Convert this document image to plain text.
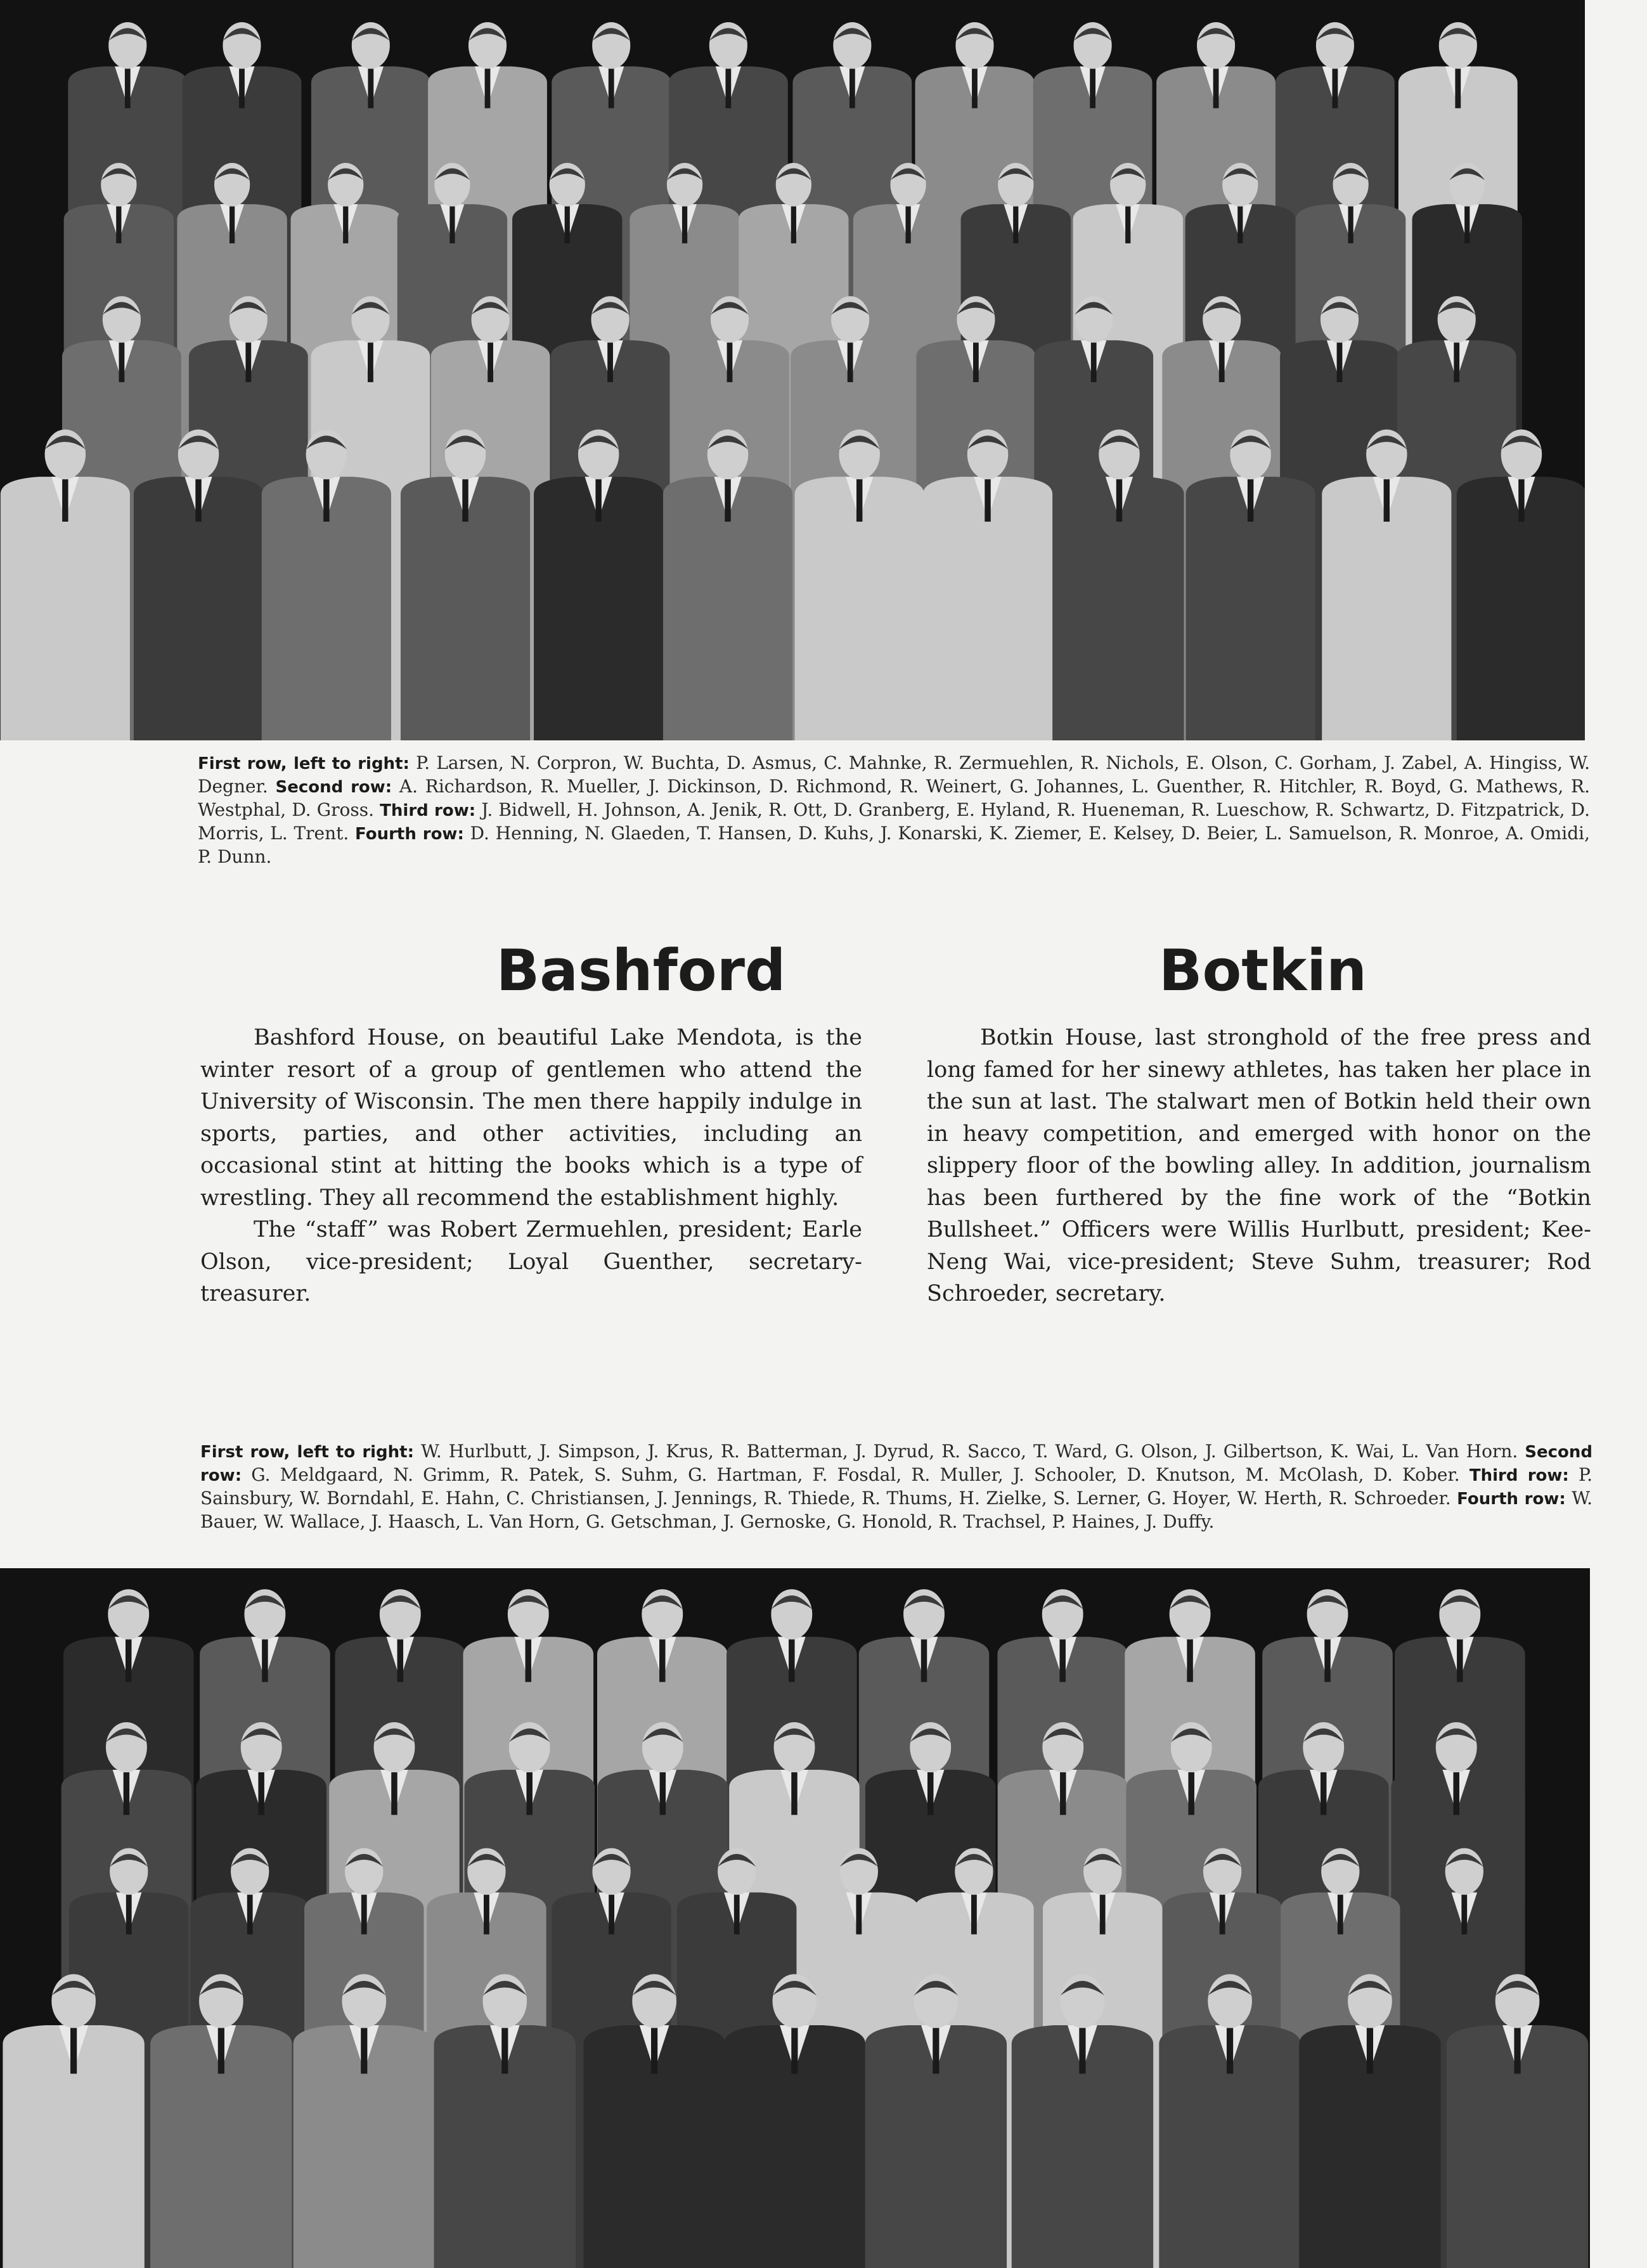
First row, left to right: P. Larsen, N. Corpron, W. Buchta, D. Asmus, C. Mahnke, R. Zermuehlen, R. Nichols, E. Olson, C. Gorham, J. Zabel, A. Hingiss, W. Degner. Second row: A. Richardson, R. Mueller, J. Dickinson, D. Richmond, R. Weinert, G. Johannes, L. Guenther, R. Hitchler, R. Boyd, G. Mathews, R. Westphal, D. Gross. Third row: J. Bidwell, H. Johnson, A. Jenik, R. Ott, D. Granberg, E. Hyland, R. Hueneman, R. Lueschow, R. Schwartz, D. Fitzpatrick, D. Morris, L. Trent. Fourth row: D. Henning, N. Glaeden, T. Hansen, D. Kuhs, J. Konarski, K. Ziemer, E. Kelsey, D. Beier, L. Samuelson, R. Monroe, A. Omidi, P. Dunn.

Bashford	Botkin

Bashford House, on beautiful Lake Mendota, is the winter resort of a group of gentlemen who attend the University of Wisconsin. The men there happily indulge in sports, parties, and other activities, including an occasional stint at hitting the books which is a type of wrestling. They all recommend the establishment highly.

The “staff” was Robert Zermuehlen, president; Earle Olson, vice-president; Loyal Guenther, secretary-treasurer.

Botkin House, last stronghold of the free press and long famed for her sinewy athletes, has taken her place in the sun at last. The stalwart men of Botkin held their own in heavy competition, and emerged with honor on the slippery floor of the bowling alley. In addition, journalism has been furthered by the fine work of the “Botkin Bullsheet.” Officers were Willis Hurlbutt, president; Kee-Neng Wai, vice-president; Steve Suhm, treasurer; Rod Schroeder, secretary.

First row, left to right: W. Hurlbutt, J. Simpson, J. Krus, R. Batterman, J. Dyrud, R. Sacco, T. Ward, G. Olson, J. Gilbertson, K. Wai, L. Van Horn. Second row: G. Meldgaard, N. Grimm, R. Patek, S. Suhm, G. Hartman, F. Fosdal, R. Muller, J. Schooler, D. Knutson, M. McOlash, D. Kober. Third row: P. Sainsbury, W. Borndahl, E. Hahn, C. Christiansen, J. Jennings, R. Thiede, R. Thums, H. Zielke, S. Lerner, G. Hoyer, W. Herth, R. Schroeder. Fourth row: W. Bauer, W. Wallace, J. Haasch, L. Van Horn, G. Getschman, J. Gernoske, G. Honold, R. Trachsel, P. Haines, J. Duffy.
